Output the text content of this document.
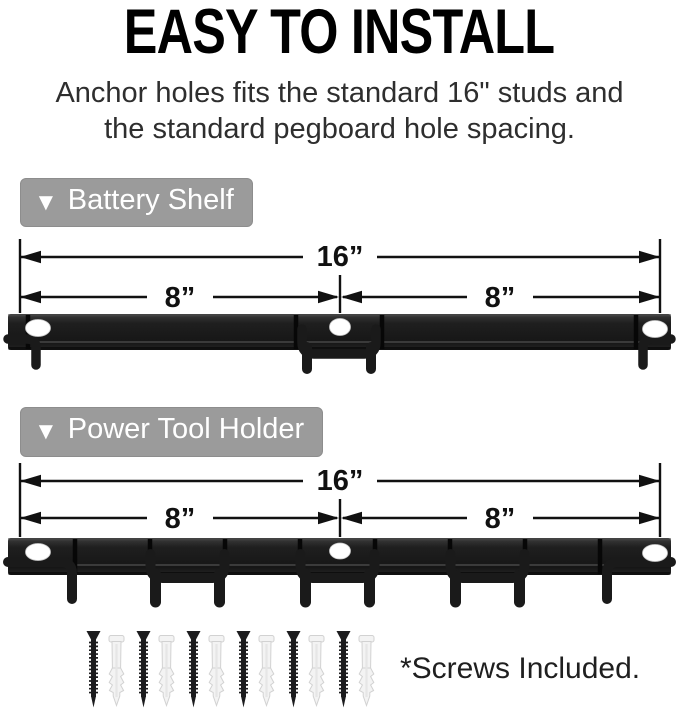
EASY TO INSTALL
Anchor holes fits the standard 16" studs and
the standard pegboard hole spacing.
▼ Battery Shelf
16”
8”	8”
▼ Power Tool Holder
16”
8”	8”
*Screws Included.
